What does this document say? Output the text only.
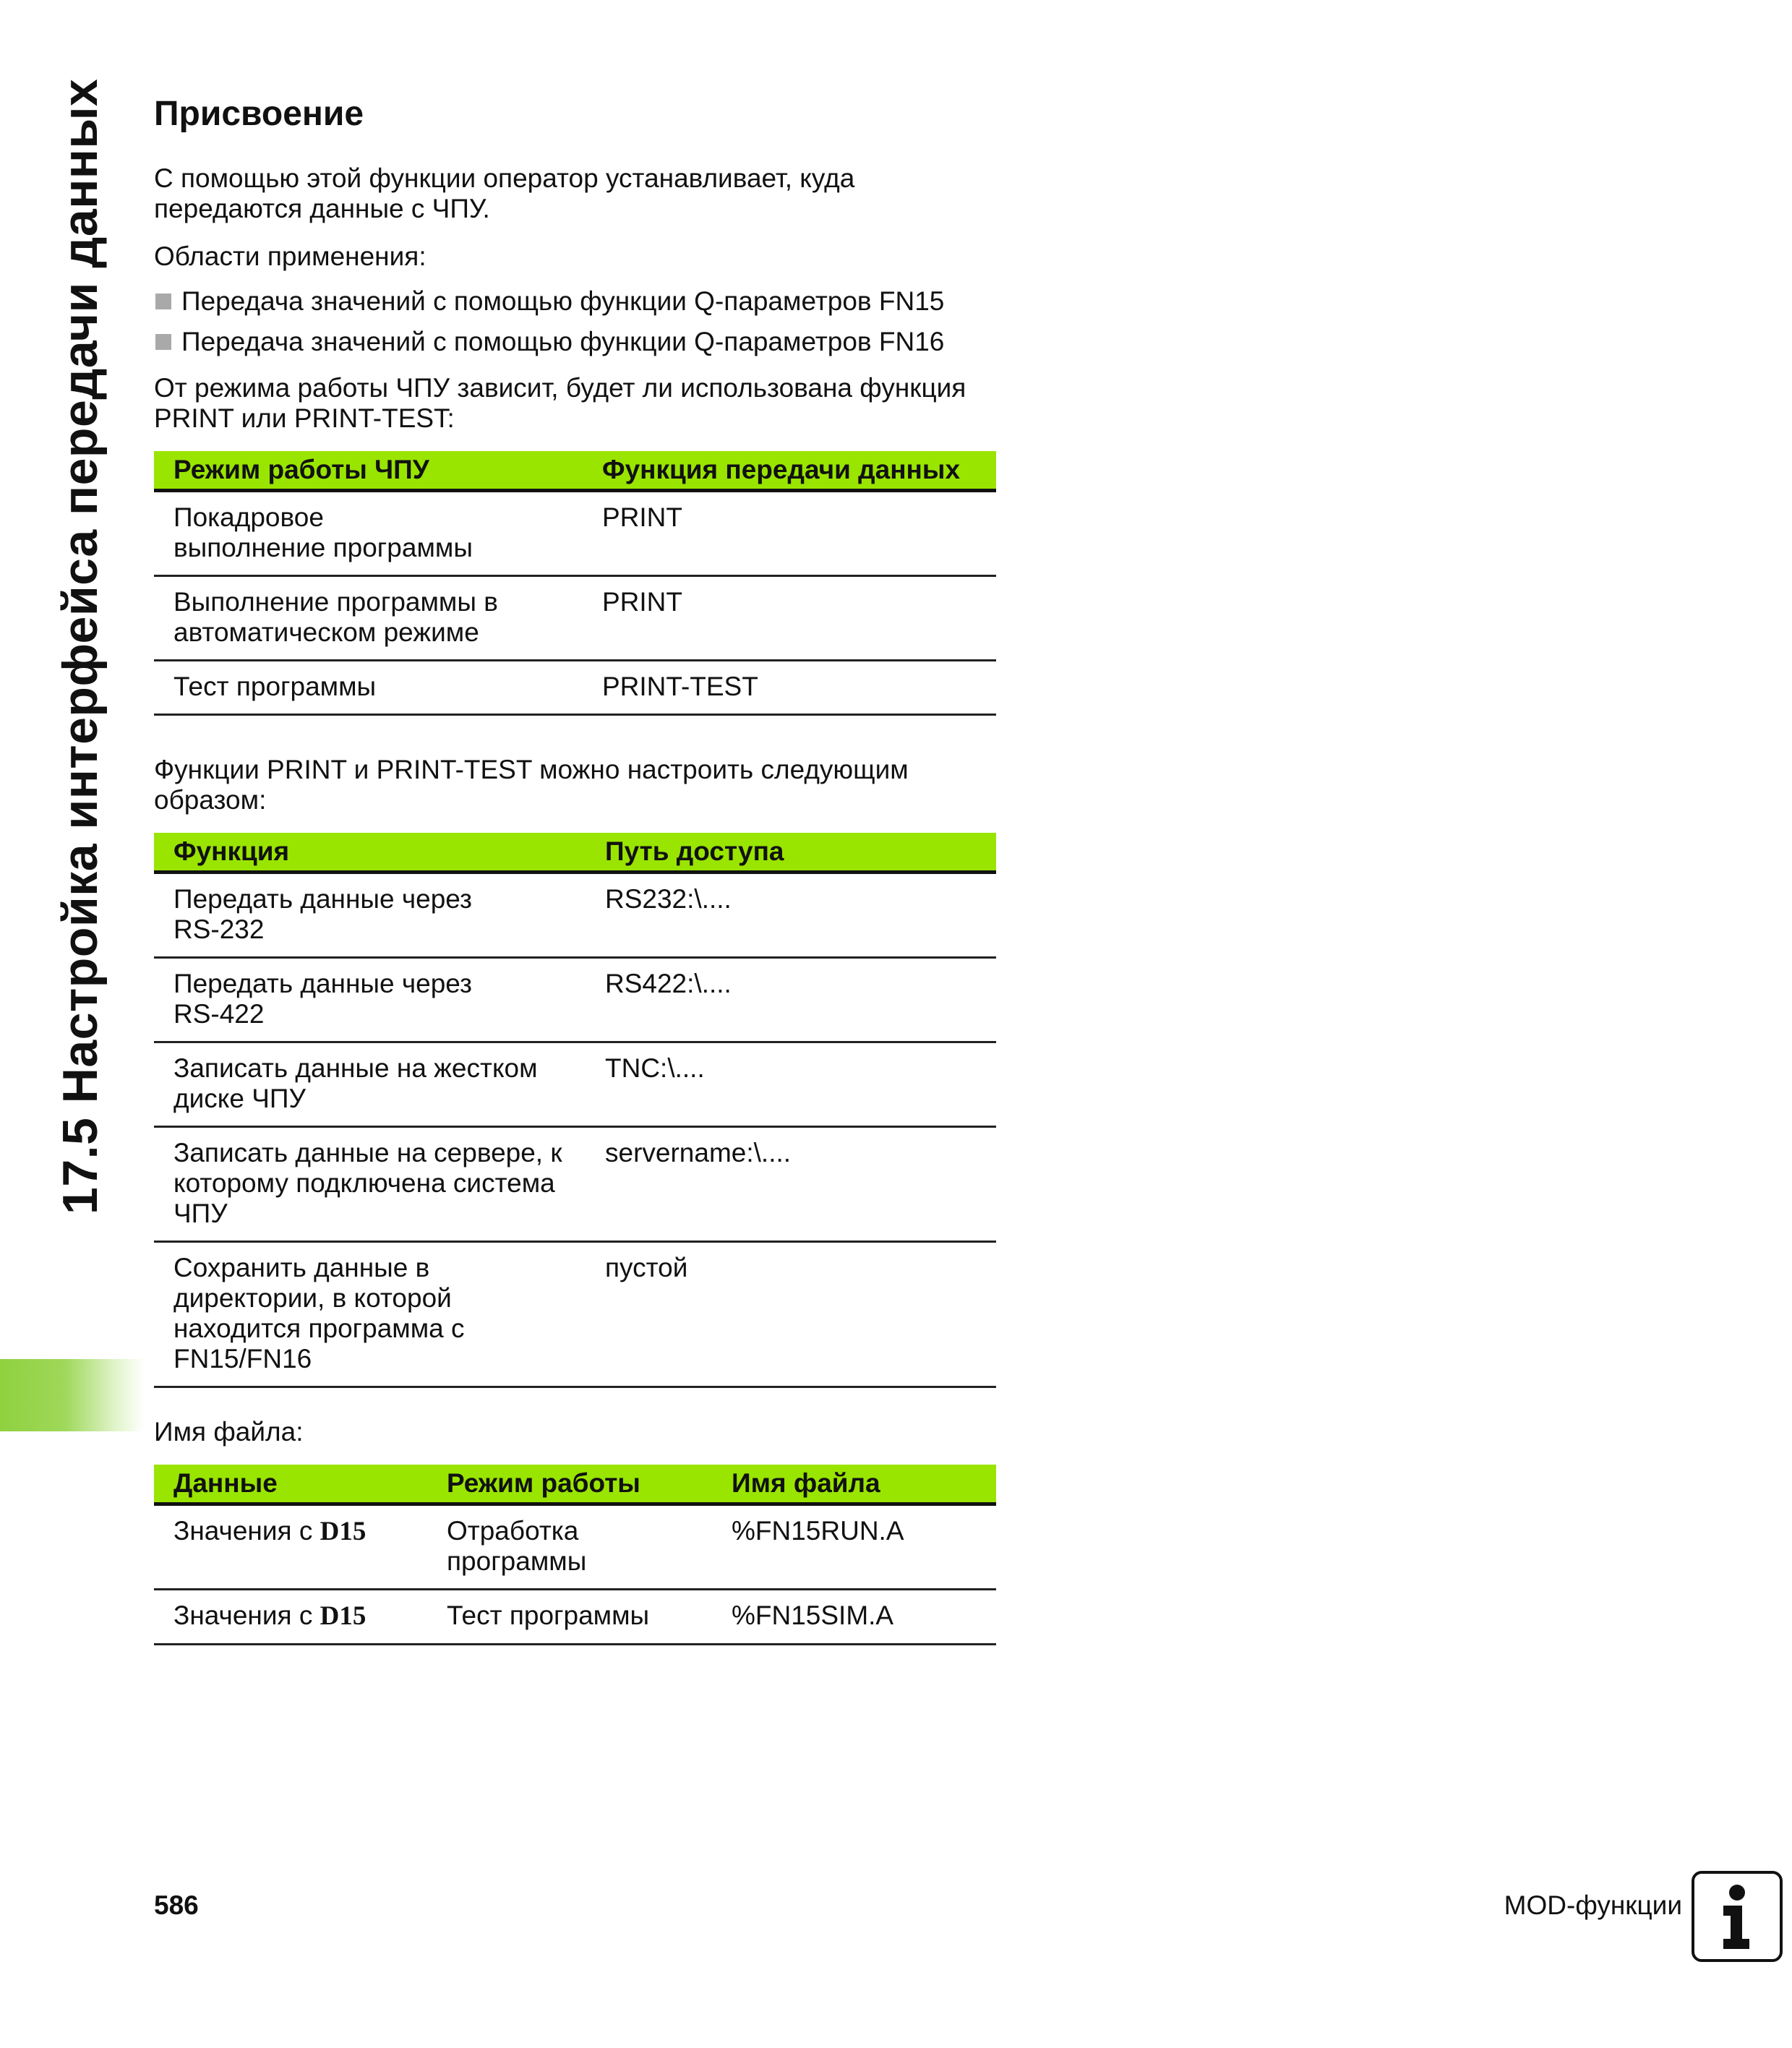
17.5 Настройка интерфейса передачи данных Присвоение

С помощью этой функции оператор устанавливает, куда передаются данные с ЧПУ.

Области применения:

Передача значений с помощью функции Q-параметров FN15
Передача значений с помощью функции Q-параметров FN16

От режима работы ЧПУ зависит, будет ли использована функция PRINT или PRINT-TEST:

Режим работы ЧПУ	Функция передачи данных
Покадровое выполнение программы	PRINT
Выполнение программы в автоматическом режиме	PRINT
Тест программы	PRINT-TEST

Функции PRINT и PRINT-TEST можно настроить следующим образом:

Функция	Путь доступа
Передать данные через RS-232	RS232:\....
Передать данные через RS-422	RS422:\....
Записать данные на жестком диске ЧПУ	TNC:\....
Записать данные на сервере, к которому подключена система ЧПУ	servername:\....
Сохранить данные в директории, в которой находится программа с FN15/FN16	пустой

Имя файла:

Данные	Режим работы	Имя файла
Значения с D15	Отработка программы	%FN15RUN.A
Значения с D15	Тест программы	%FN15SIM.A
586	MOD-функции
